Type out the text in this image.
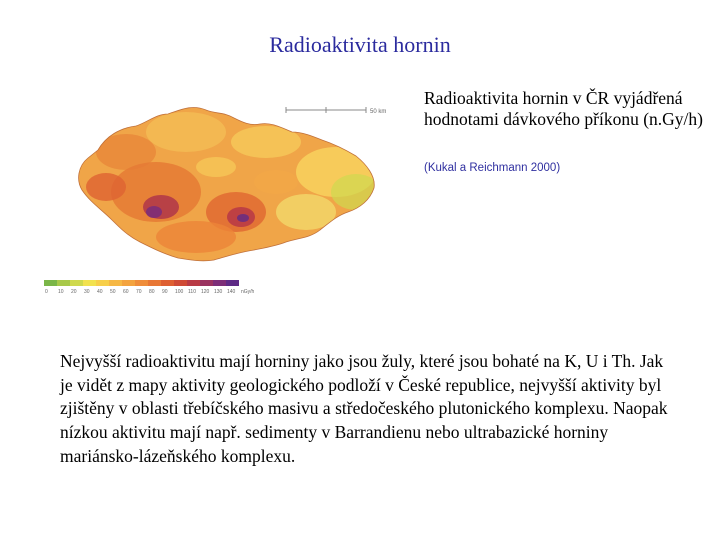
Radioaktivita hornin
50 km
0 10 20 30 40 50 60 70 80 90 100 110 120 130 140 nGy/h
Radioaktivita hornin v ČR vyjádřená hodnotami dávkového příkonu (n.Gy/h)
(Kukal a Reichmann 2000)
Nejvyšší radioaktivitu mají horniny jako jsou žuly, které jsou bohaté na K, U i Th. Jak je vidět z mapy aktivity geologického podloží v České republice, nejvyšší aktivity byl zjištěny v oblasti třebíčského masivu a středočeského plutonického komplexu. Naopak nízkou aktivitu mají např. sedimenty v Barrandienu nebo ultrabazické horniny mariánsko-lázeňského komplexu.
